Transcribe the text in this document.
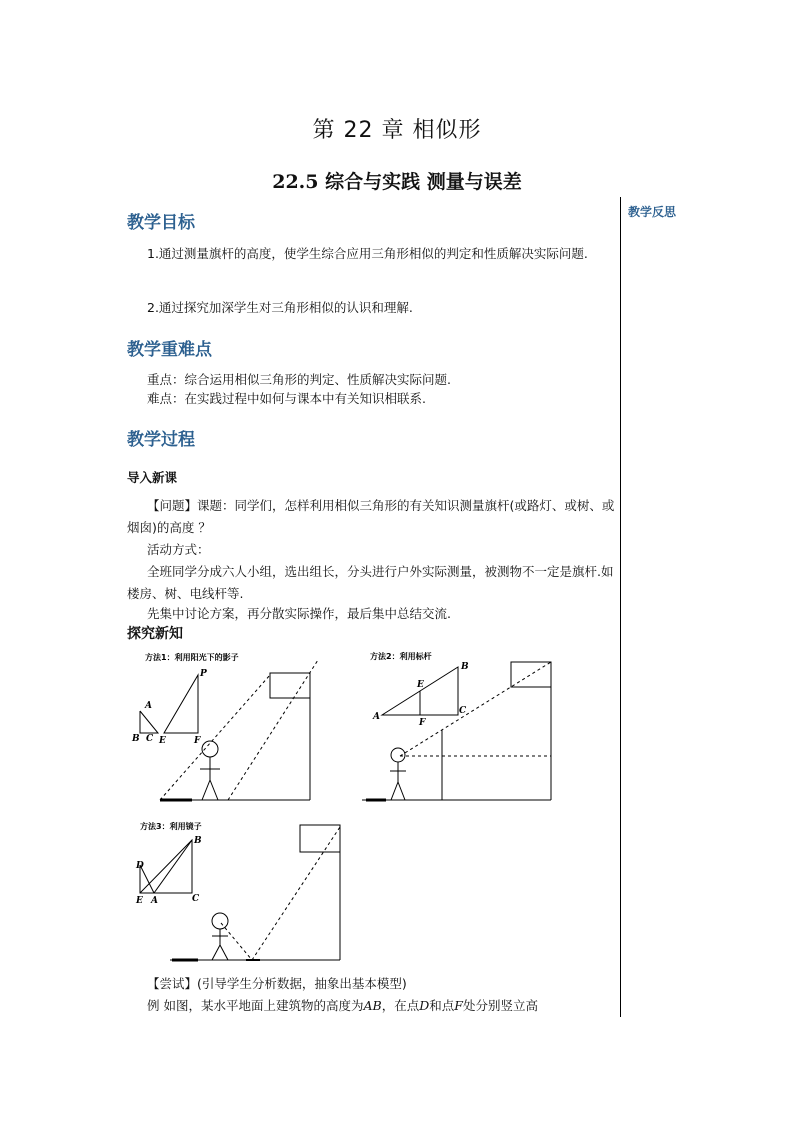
第 22 章 相似形
22.5 综合与实践 测量与误差
教学反思
教学目标
1.通过测量旗杆的高度，使学生综合应用三角形相似的判定和性质解决实际问题.
2.通过探究加深学生对三角形相似的认识和理解.
教学重难点
重点：综合运用相似三角形的判定、性质解决实际问题.
难点：在实践过程中如何与课本中有关知识相联系.
教学过程
导入新课
【问题】课题：同学们，怎样利用相似三角形的有关知识测量旗杆(或路灯、或树、或烟囱)的高度 ？
活动方式：
全班同学分成六人小组，选出组长，分头进行户外实际测量，被测物不一定是旗杆.如楼房、树、电线杆等.
先集中讨论方案，再分散实际操作，最后集中总结交流.
探究新知
方法1：利用阳光下的影子
A
B C
P
E	F
方法2：利用标杆
B
E
A
F
C
方法3：利用镜子
B
D
E A	C
【尝试】(引导学生分析数据，抽象出基本模型)
例 如图，某水平地面上建筑物的高度为AB，在点D和点F处分别竖立高
